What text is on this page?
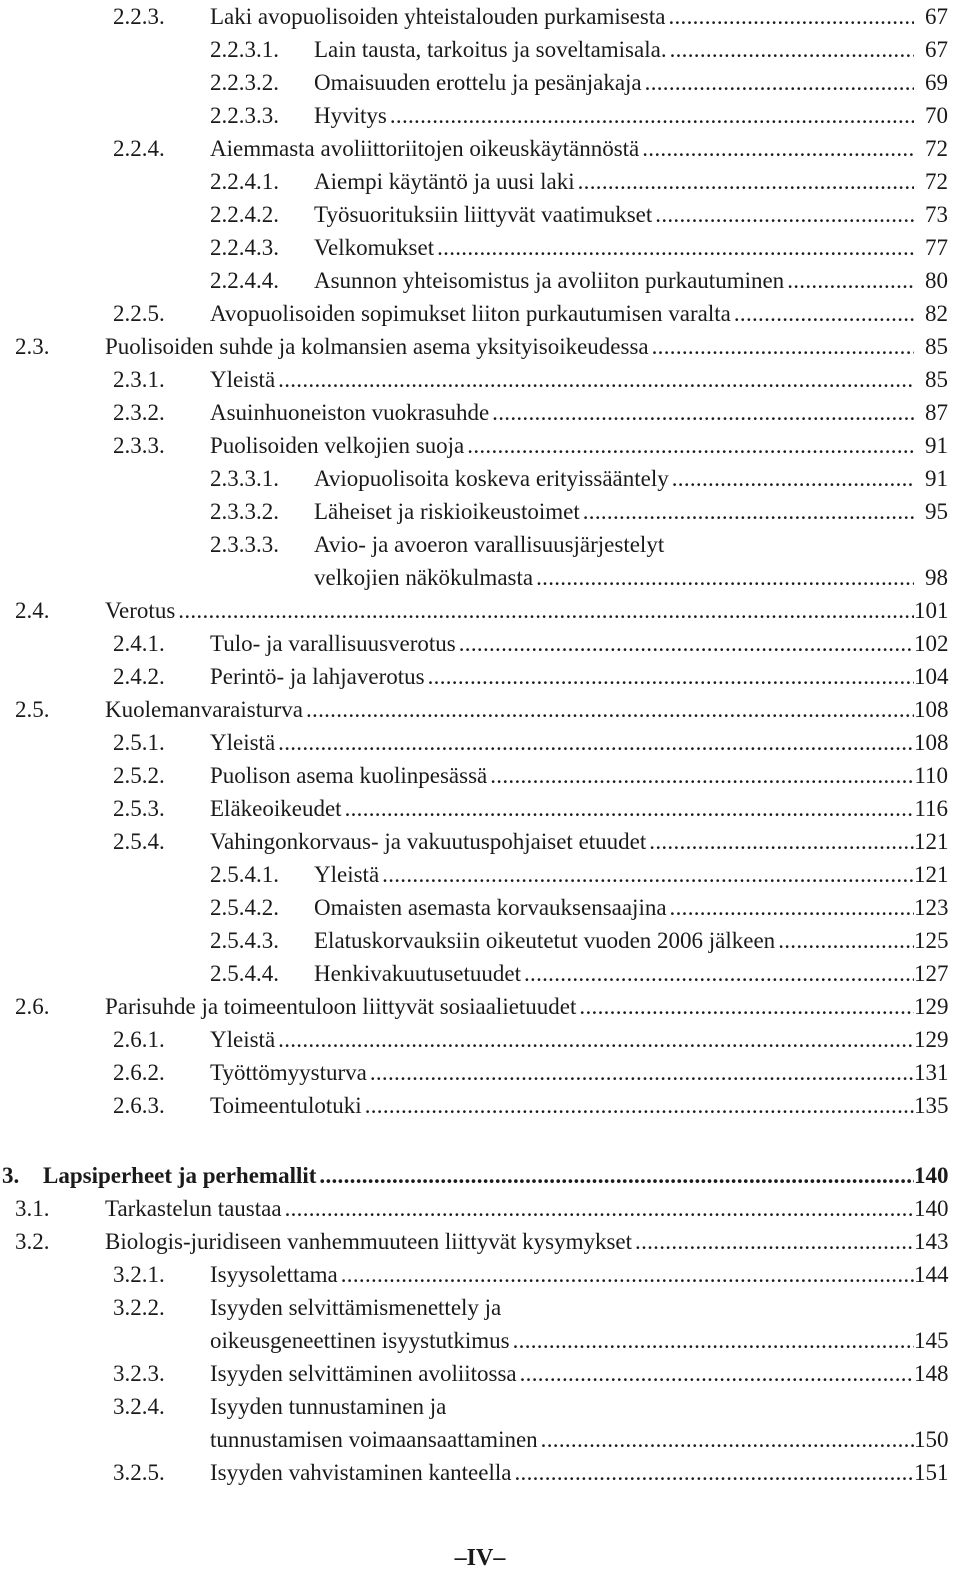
2.2.3. Laki avopuolisoiden yhteistalouden purkamisesta .....	67
2.2.3.1. Lain tausta, tarkoitus ja soveltamisala. .....	67
2.2.3.2. Omaisuuden erottelu ja pesänjakaja .....	69
2.2.3.3. Hyvitys .....	70
2.2.4. Aiemmasta avoliittoriitojen oikeuskäytännöstä .....	72
2.2.4.1. Aiempi käytäntö ja uusi laki .....	72
2.2.4.2. Työsuorituksiin liittyvät vaatimukset .....	73
2.2.4.3. Velkomukset .....	77
2.2.4.4. Asunnon yhteisomistus ja avoliiton purkautuminen .....	80
2.2.5. Avopuolisoiden sopimukset liiton purkautumisen varalta .....	82
2.3. Puolisoiden suhde ja kolmansien asema yksityisoikeudessa .....	85
2.3.1. Yleistä .....	85
2.3.2. Asuinhuoneiston vuokrasuhde .....	87
2.3.3. Puolisoiden velkojien suoja .....	91
2.3.3.1. Aviopuolisoita koskeva erityissääntely .....	91
2.3.3.2. Läheiset ja riskioikeustoimet .....	95
2.3.3.3. Avio- ja avoeron varallisuusjärjestelyt
velkojien näkökulmasta .....	98
2.4. Verotus .....	101
2.4.1. Tulo- ja varallisuusverotus .....	102
2.4.2. Perintö- ja lahjaverotus .....	104
2.5. Kuolemanvaraisturva .....	108
2.5.1. Yleistä .....	108
2.5.2. Puolison asema kuolinpesässä .....	110
2.5.3. Eläkeoikeudet .....	116
2.5.4. Vahingonkorvaus- ja vakuutuspohjaiset etuudet .....	121
2.5.4.1. Yleistä .....	121
2.5.4.2. Omaisten asemasta korvauksensaajina .....	123
2.5.4.3. Elatuskorvauksiin oikeutetut vuoden 2006 jälkeen .....	125
2.5.4.4. Henkivakuutusetuudet .....	127
2.6. Parisuhde ja toimeentuloon liittyvät sosiaalietuudet .....	129
2.6.1. Yleistä .....	129
2.6.2. Työttömyysturva .....	131
2.6.3. Toimeentulotuki .....	135
3. Lapsiperheet ja perhemallit .....	140
3.1. Tarkastelun taustaa .....	140
3.2. Biologis-juridiseen vanhemmuuteen liittyvät kysymykset .....	143
3.2.1. Isyysolettama .....	144
3.2.2. Isyyden selvittämismenettely ja
oikeusgeneettinen isyystutkimus .....	145
3.2.3. Isyyden selvittäminen avoliitossa .....	148
3.2.4. Isyyden tunnustaminen ja
tunnustamisen voimaansaattaminen .....	150
3.2.5. Isyyden vahvistaminen kanteella .....	151
–IV–
